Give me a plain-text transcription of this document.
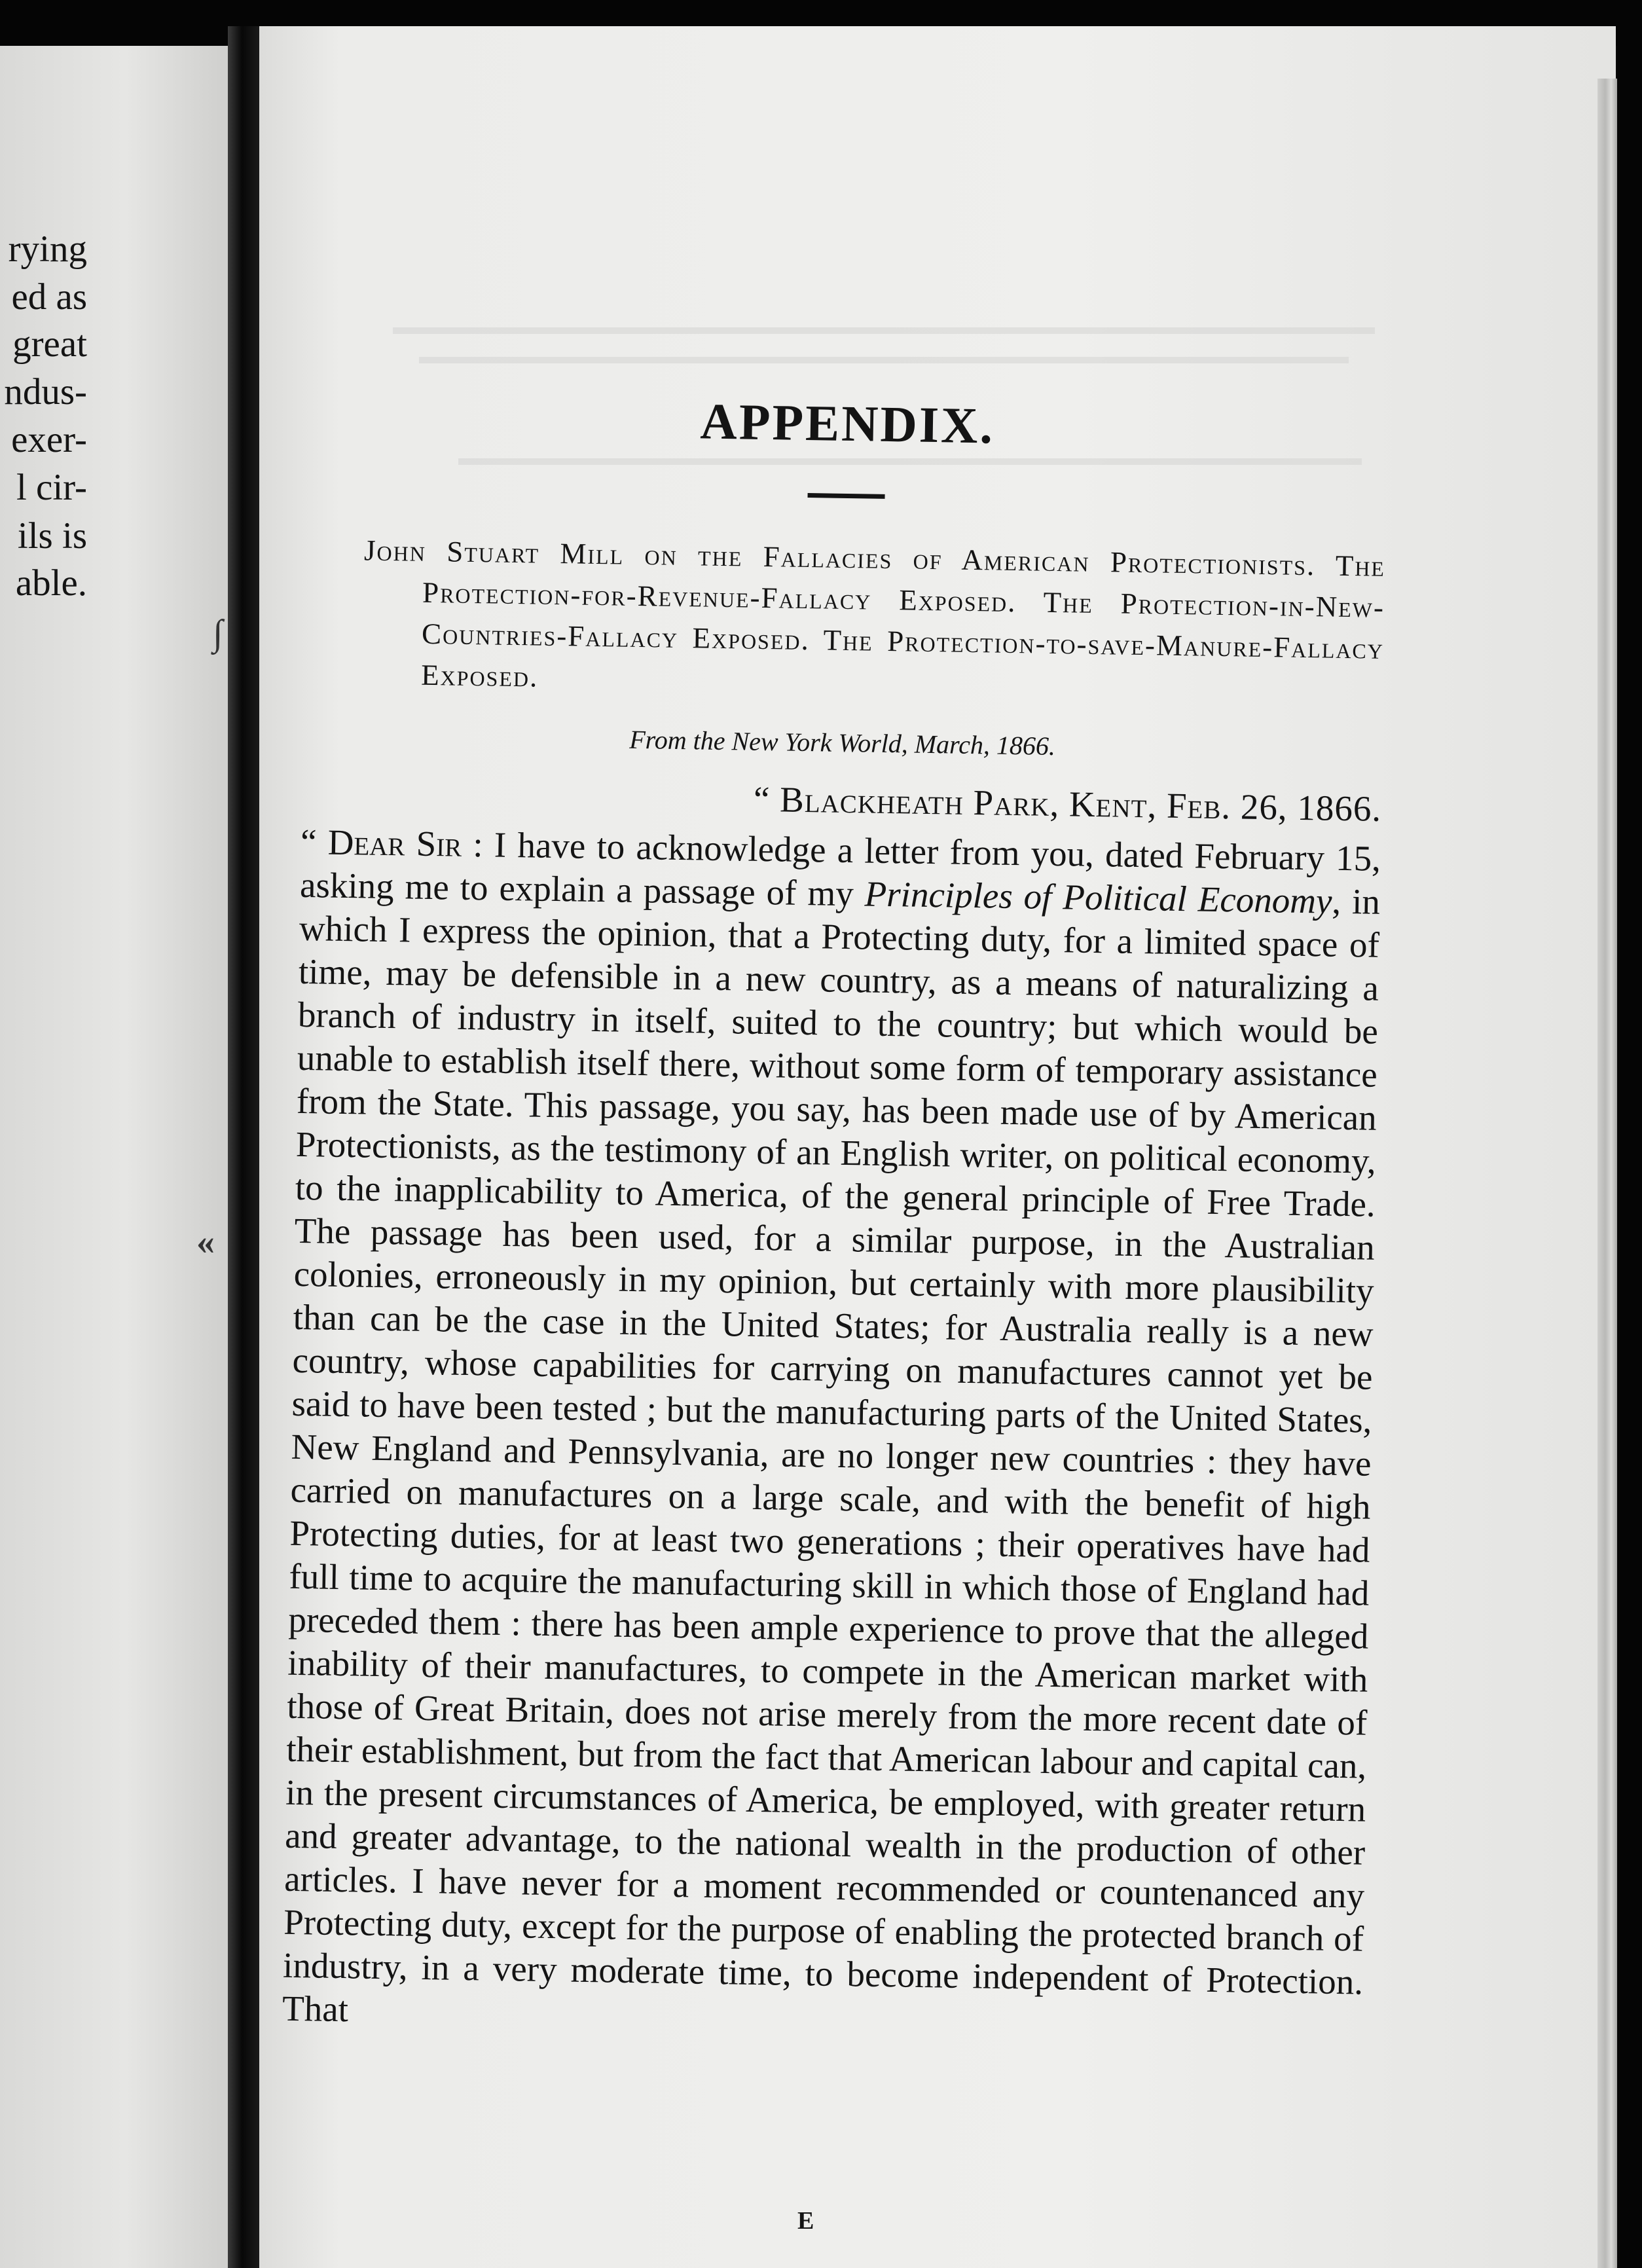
rying

ed as

great

ndus-

exer-

l cir-

ils is

able.

∫
«
APPENDIX.

John Stuart Mill on the Fallacies of American Protectionists. The Protection-for-Revenue-Fallacy Exposed. The Protection-in-New-Countries-Fallacy Exposed. The Protection-to-save-Manure-Fallacy Exposed.

From the New York World, March, 1866.

“ Blackheath Park, Kent, Feb. 26, 1866.

“ Dear Sir : I have to acknowledge a letter from you, dated February 15, asking me to explain a passage of my Principles of Political Economy, in which I express the opinion, that a Protecting duty, for a limited space of time, may be defensible in a new country, as a means of naturalizing a branch of industry in itself, suited to the country; but which would be unable to establish itself there, without some form of temporary assistance from the State. This passage, you say, has been made use of by American Protectionists, as the testimony of an English writer, on political economy, to the inapplicability to America, of the general principle of Free Trade. The passage has been used, for a similar purpose, in the Australian colonies, erroneously in my opinion, but certainly with more plausibility than can be the case in the United States; for Australia really is a new country, whose capabilities for carrying on manufactures cannot yet be said to have been tested ; but the manufacturing parts of the United States, New England and Pennsylvania, are no longer new countries : they have carried on manufactures on a large scale, and with the benefit of high Protecting duties, for at least two generations ; their operatives have had full time to acquire the manufacturing skill in which those of England had preceded them : there has been ample experience to prove that the alleged inability of their manufactures, to compete in the American market with those of Great Britain, does not arise merely from the more recent date of their establishment, but from the fact that American labour and capital can, in the present circumstances of America, be employed, with greater return and greater advantage, to the national wealth in the production of other articles. I have never for a moment recommended or countenanced any Protecting duty, except for the purpose of enabling the protected branch of industry, in a very moderate time, to become independent of Protection. That

E
